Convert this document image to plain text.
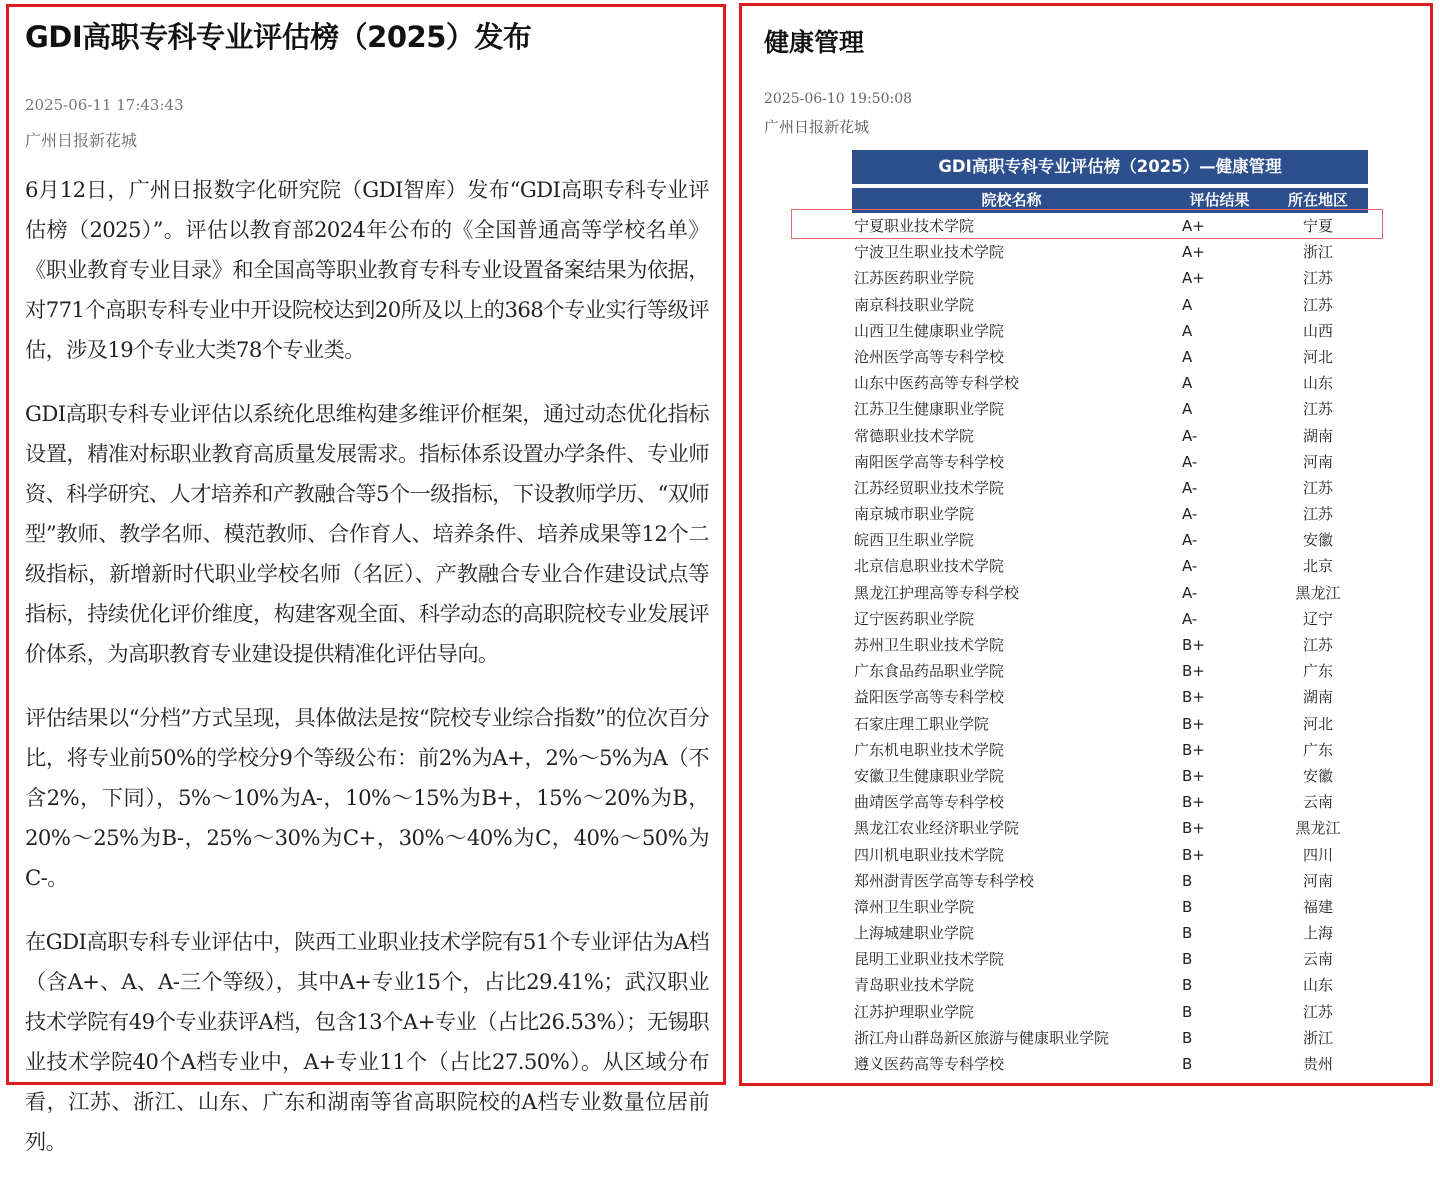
GDI高职专科专业评估榜（2025）发布
2025-06-11 17:43:43
广州日报新花城

6月12日，广州日报数字化研究院（GDI智库）发布“GDI高职专科专业评估榜（2025）”。评估以教育部2024年公布的《全国普通高等学校名单》《职业教育专业目录》和全国高等职业教育专科专业设置备案结果为依据，对771个高职专科专业中开设院校达到20所及以上的368个专业实行等级评估，涉及19个专业大类78个专业类。

GDI高职专科专业评估以系统化思维构建多维评价框架，通过动态优化指标设置，精准对标职业教育高质量发展需求。指标体系设置办学条件、专业师资、科学研究、人才培养和产教融合等5个一级指标，下设教师学历、“双师型”教师、教学名师、模范教师、合作育人、培养条件、培养成果等12个二级指标，新增新时代职业学校名师（名匠）、产教融合专业合作建设试点等指标，持续优化评价维度，构建客观全面、科学动态的高职院校专业发展评价体系，为高职教育专业建设提供精准化评估导向。

评估结果以“分档”方式呈现，具体做法是按“院校专业综合指数”的位次百分比，将专业前50%的学校分9个等级公布：前2%为A+，2%～5%为A（不含2%，下同），5%～10%为A-，10%～15%为B+，15%～20%为B，20%～25%为B-，25%～30%为C+，30%～40%为C，40%～50%为C-。

在GDI高职专科专业评估中，陕西工业职业技术学院有51个专业评估为A档（含A+、A、A-三个等级），其中A+专业15个，占比29.41%；武汉职业技术学院有49个专业获评A档，包含13个A+专业（占比26.53%）；无锡职业技术学院40个A档专业中，A+专业11个（占比27.50%）。从区域分布看，江苏、浙江、山东、广东和湖南等省高职院校的A档专业数量位居前列。

健康管理
2025-06-10 19:50:08
广州日报新花城
GDI高职专科专业评估榜（2025）—健康管理
院校名称	评估结果	所在地区
宁夏职业技术学院	A+	宁夏
宁波卫生职业技术学院	A+	浙江
江苏医药职业学院	A+	江苏
南京科技职业学院	A	江苏
山西卫生健康职业学院	A	山西
沧州医学高等专科学校	A	河北
山东中医药高等专科学校	A	山东
江苏卫生健康职业学院	A	江苏
常德职业技术学院	A-	湖南
南阳医学高等专科学校	A-	河南
江苏经贸职业技术学院	A-	江苏
南京城市职业学院	A-	江苏
皖西卫生职业学院	A-	安徽
北京信息职业技术学院	A-	北京
黑龙江护理高等专科学校	A-	黑龙江
辽宁医药职业学院	A-	辽宁
苏州卫生职业技术学院	B+	江苏
广东食品药品职业学院	B+	广东
益阳医学高等专科学校	B+	湖南
石家庄理工职业学院	B+	河北
广东机电职业技术学院	B+	广东
安徽卫生健康职业学院	B+	安徽
曲靖医学高等专科学校	B+	云南
黑龙江农业经济职业学院	B+	黑龙江
四川机电职业技术学院	B+	四川
郑州澍青医学高等专科学校	B	河南
漳州卫生职业学院	B	福建
上海城建职业学院	B	上海
昆明工业职业技术学院	B	云南
青岛职业技术学院	B	山东
江苏护理职业学院	B	江苏
浙江舟山群岛新区旅游与健康职业学院	B	浙江
遵义医药高等专科学校	B	贵州
